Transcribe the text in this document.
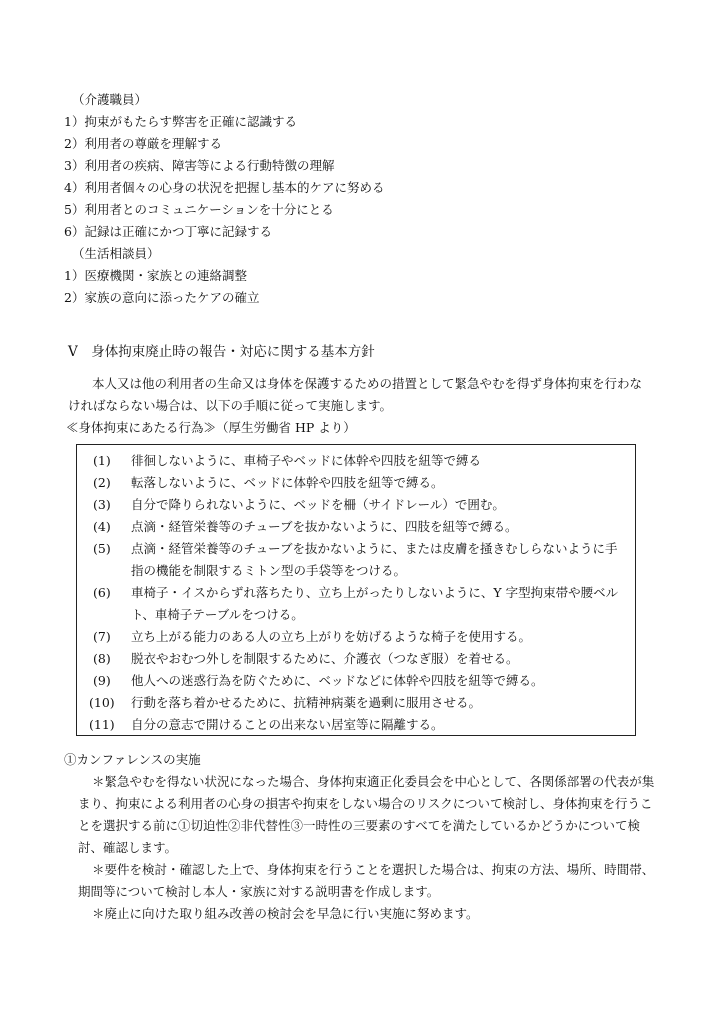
（介護職員）
1）拘束がもたらす弊害を正確に認識する
2）利用者の尊厳を理解する
3）利用者の疾病、障害等による行動特徴の理解
4）利用者個々の心身の状況を把握し基本的ケアに努める
5）利用者とのコミュニケーションを十分にとる
6）記録は正確にかつ丁寧に記録する
（生活相談員）
1）医療機関・家族との連絡調整
2）家族の意向に添ったケアの確立
Ⅴ　身体拘束廃止時の報告・対応に関する基本方針
本人又は他の利用者の生命又は身体を保護するための措置として緊急やむを得ず身体拘束を行わな
ければならない場合は、以下の手順に従って実施します。
≪身体拘束にあたる行為≫（厚生労働省 HP より）
(1) 徘徊しないように、車椅子やベッドに体幹や四肢を紐等で縛る
(2) 転落しないように、ベッドに体幹や四肢を紐等で縛る。
(3) 自分で降りられないように、ベッドを柵（サイドレール）で囲む。
(4) 点滴・経管栄養等のチューブを抜かないように、四肢を紐等で縛る。
(5) 点滴・経管栄養等のチューブを抜かないように、または皮膚を掻きむしらないように手
指の機能を制限するミトン型の手袋等をつける。
(6) 車椅子・イスからずれ落ちたり、立ち上がったりしないように、Y 字型拘束帯や腰ベル
ト、車椅子テーブルをつける。
(7) 立ち上がる能力のある人の立ち上がりを妨げるような椅子を使用する。
(8) 脱衣やおむつ外しを制限するために、介護衣（つなぎ服）を着せる。
(9) 他人への迷惑行為を防ぐために、ベッドなどに体幹や四肢を紐等で縛る。
(10) 行動を落ち着かせるために、抗精神病薬を過剰に服用させる。
(11) 自分の意志で開けることの出来ない居室等に隔離する。
①カンファレンスの実施
＊緊急やむを得ない状況になった場合、身体拘束適正化委員会を中心として、各関係部署の代表が集
まり、拘束による利用者の心身の損害や拘束をしない場合のリスクについて検討し、身体拘束を行うこ
とを選択する前に①切迫性②非代替性③一時性の三要素のすべてを満たしているかどうかについて検
討、確認します。
＊要件を検討・確認した上で、身体拘束を行うことを選択した場合は、拘束の方法、場所、時間帯、
期間等について検討し本人・家族に対する説明書を作成します。
＊廃止に向けた取り組み改善の検討会を早急に行い実施に努めます。
